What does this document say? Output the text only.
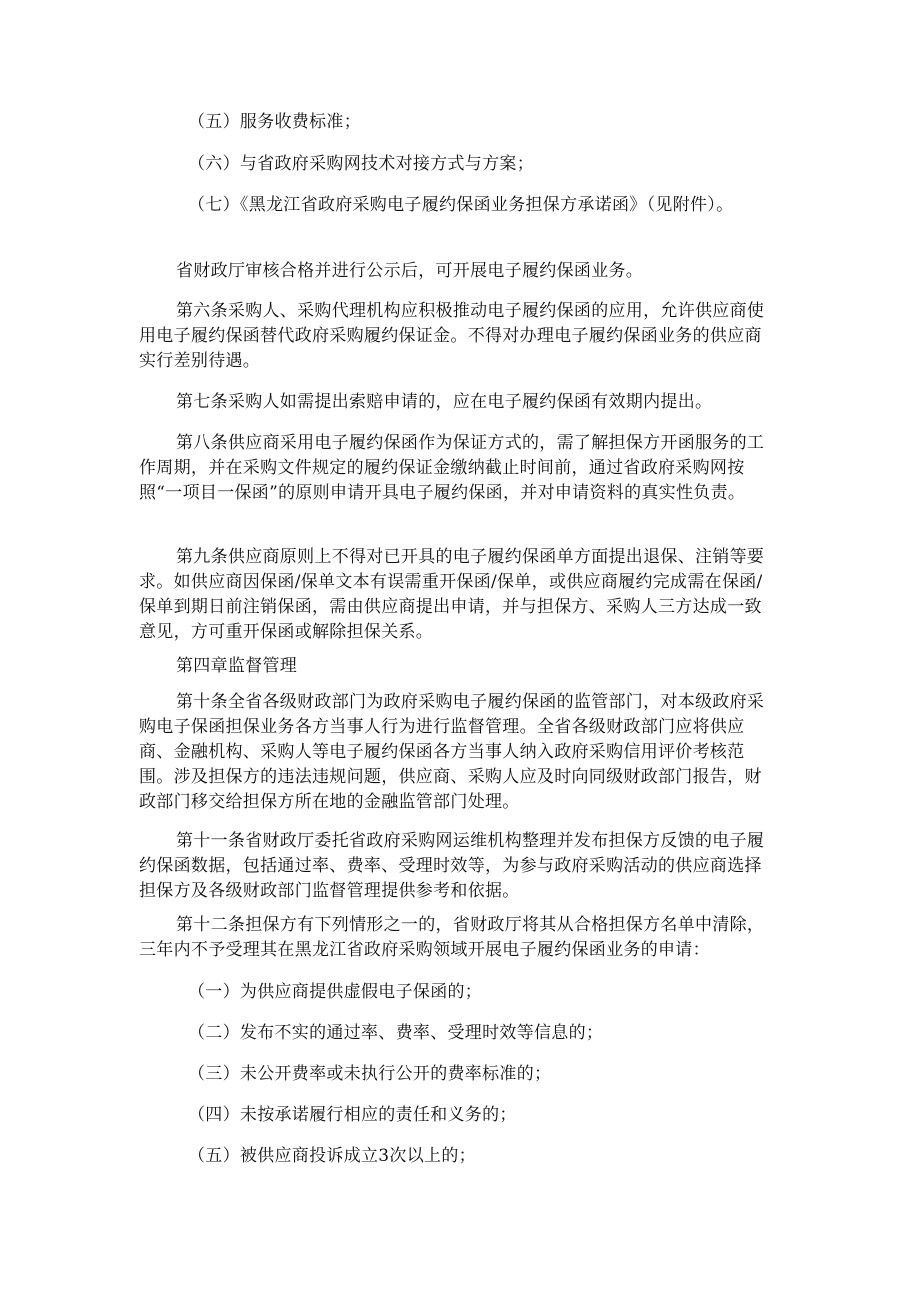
（五）服务收费标准；

（六）与省政府采购网技术对接方式与方案；

（七）《黑龙江省政府采购电子履约保函业务担保方承诺函》（见附件）。

省财政厅审核合格并进行公示后，可开展电子履约保函业务。

第六条采购人、采购代理机构应积极推动电子履约保函的应用，允许供应商使用电子履约保函替代政府采购履约保证金。不得对办理电子履约保函业务的供应商实行差别待遇。

第七条采购人如需提出索赔申请的，应在电子履约保函有效期内提出。

第八条供应商采用电子履约保函作为保证方式的，需了解担保方开函服务的工作周期，并在采购文件规定的履约保证金缴纳截止时间前，通过省政府采购网按照“一项目一保函”的原则申请开具电子履约保函，并对申请资料的真实性负责。

第九条供应商原则上不得对已开具的电子履约保函单方面提出退保、注销等要求。如供应商因保函/保单文本有误需重开保函/保单，或供应商履约完成需在保函/保单到期日前注销保函，需由供应商提出申请，并与担保方、采购人三方达成一致意见，方可重开保函或解除担保关系。

第四章监督管理

第十条全省各级财政部门为政府采购电子履约保函的监管部门，对本级政府采购电子保函担保业务各方当事人行为进行监督管理。全省各级财政部门应将供应商、金融机构、采购人等电子履约保函各方当事人纳入政府采购信用评价考核范围。涉及担保方的违法违规问题，供应商、采购人应及时向同级财政部门报告，财政部门移交给担保方所在地的金融监管部门处理。

第十一条省财政厅委托省政府采购网运维机构整理并发布担保方反馈的电子履约保函数据，包括通过率、费率、受理时效等，为参与政府采购活动的供应商选择担保方及各级财政部门监督管理提供参考和依据。

第十二条担保方有下列情形之一的，省财政厅将其从合格担保方名单中清除，三年内不予受理其在黑龙江省政府采购领域开展电子履约保函业务的申请：

（一）为供应商提供虚假电子保函的；

（二）发布不实的通过率、费率、受理时效等信息的；

（三）未公开费率或未执行公开的费率标准的；

（四）未按承诺履行相应的责任和义务的；

（五）被供应商投诉成立3次以上的；
